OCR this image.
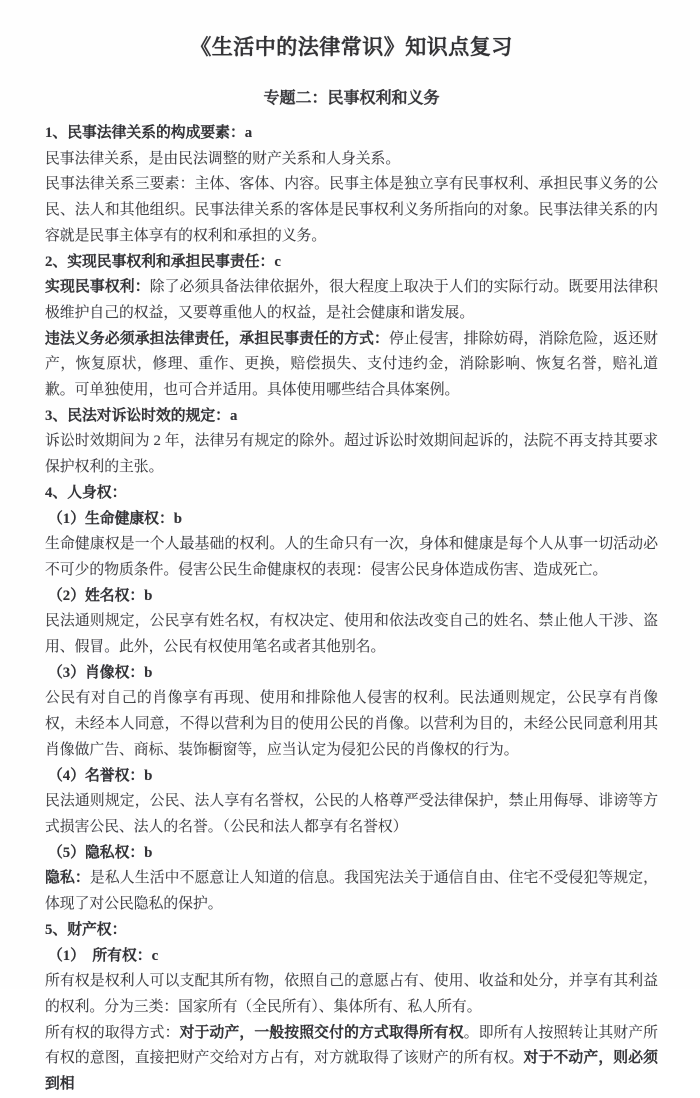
《生活中的法律常识》知识点复习
专题二：民事权利和义务
1、民事法律关系的构成要素：a

民事法律关系，是由民法调整的财产关系和人身关系。

民事法律关系三要素：主体、客体、内容。民事主体是独立享有民事权利、承担民事义务的公民、法人和其他组织。民事法律关系的客体是民事权利义务所指向的对象。民事法律关系的内容就是民事主体享有的权利和承担的义务。

2、实现民事权利和承担民事责任：c

实现民事权利：除了必须具备法律依据外，很大程度上取决于人们的实际行动。既要用法律积极维护自己的权益，又要尊重他人的权益，是社会健康和谐发展。

违法义务必须承担法律责任，承担民事责任的方式：停止侵害，排除妨碍，消除危险，返还财产，恢复原状，修理、重作、更换，赔偿损失、支付违约金，消除影响、恢复名誉，赔礼道歉。可单独使用，也可合并适用。具体使用哪些结合具体案例。

3、民法对诉讼时效的规定：a

诉讼时效期间为 2 年，法律另有规定的除外。超过诉讼时效期间起诉的，法院不再支持其要求保护权利的主张。

4、人身权：
（1）生命健康权：b

生命健康权是一个人最基础的权利。人的生命只有一次，身体和健康是每个人从事一切活动必不可少的物质条件。侵害公民生命健康权的表现：侵害公民身体造成伤害、造成死亡。

（2）姓名权：b

民法通则规定，公民享有姓名权，有权决定、使用和依法改变自己的姓名、禁止他人干涉、盗用、假冒。此外，公民有权使用笔名或者其他别名。

（3）肖像权：b

公民有对自己的肖像享有再现、使用和排除他人侵害的权利。民法通则规定，公民享有肖像权，未经本人同意，不得以营利为目的使用公民的肖像。以营利为目的，未经公民同意利用其肖像做广告、商标、装饰橱窗等，应当认定为侵犯公民的肖像权的行为。

（4）名誉权：b

民法通则规定，公民、法人享有名誉权，公民的人格尊严受法律保护，禁止用侮辱、诽谤等方式损害公民、法人的名誉。（公民和法人都享有名誉权）

（5）隐私权：b

隐私：是私人生活中不愿意让人知道的信息。我国宪法关于通信自由、住宅不受侵犯等规定，体现了对公民隐私的保护。

5、财产权：
（1）　所有权：c

所有权是权利人可以支配其所有物，依照自己的意愿占有、使用、收益和处分，并享有其利益的权利。分为三类：国家所有（全民所有）、集体所有、私人所有。

所有权的取得方式：对于动产，一般按照交付的方式取得所有权。即所有人按照转让其财产所有权的意图，直接把财产交给对方占有，对方就取得了该财产的所有权。对于不动产，则必须到相
